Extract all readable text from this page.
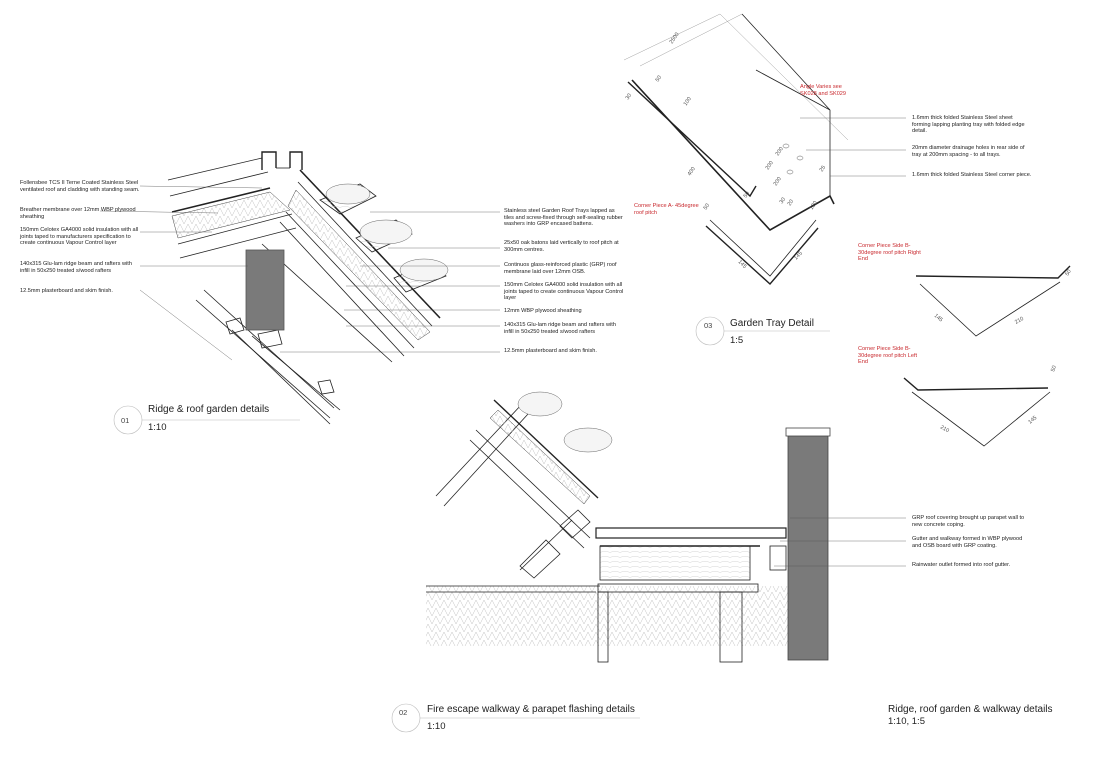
2500
30
50
100
400
200
200
200
25
50
30 20 120
50
145
145
145	210
210
145
50
50
Follensbee TCS II Terne Coated Stainless Steel ventilated roof and cladding with standing seam.
Breather membrane over 12mm WBP plywood sheathing
150mm Celotex GA4000 solid insulation with all joints taped to manufacturers specification to create continuous Vapour Control layer
140x315 Glu-lam ridge beam and rafters with infill in 50x250 treated s/wood rafters
12.5mm plasterboard and skim finish.
Stainless steel Garden Roof Trays lapped as tiles and screw-fixed through self-sealing rubber washers into GRP encased battens.
25x50 oak batons laid vertically to roof pitch at 300mm centres.
Continuos glass-reinforced plastic (GRP) roof membrane laid over 12mm OSB.
150mm Celotex GA4000 solid insulation with all joints taped to create continuous Vapour Control layer
12mm WBP plywood sheathing
140x315 Glu-lam ridge beam and rafters with infill in 50x250 treated s/wood rafters
12.5mm plasterboard and skim finish.
01
Ridge & roof garden details
1:10
GRP roof covering brought up parapet wall to new concrete coping.
Gutter and walkway formed in WBP plywood and OSB board with GRP coating.
Rainwater outlet formed into roof gutter.
02 Fire escape walkway & parapet flashing details
1:10
Angle Varies see SK028 and SK029
1.6mm thick folded Stainless Steel sheet forming lapping planting tray with folded edge detail.
20mm diameter drainage holes in rear side of tray at 200mm spacing - to all trays.
1.6mm thick folded Stainless Steel corner piece.
Corner Piece A- 45degree roof pitch
Corner Piece Side B- 30degree roof pitch Right End
Corner Piece Side B- 30degree roof pitch Left End
03 Garden Tray Detail
1:5
Ridge, roof garden & walkway details
1:10, 1:5
